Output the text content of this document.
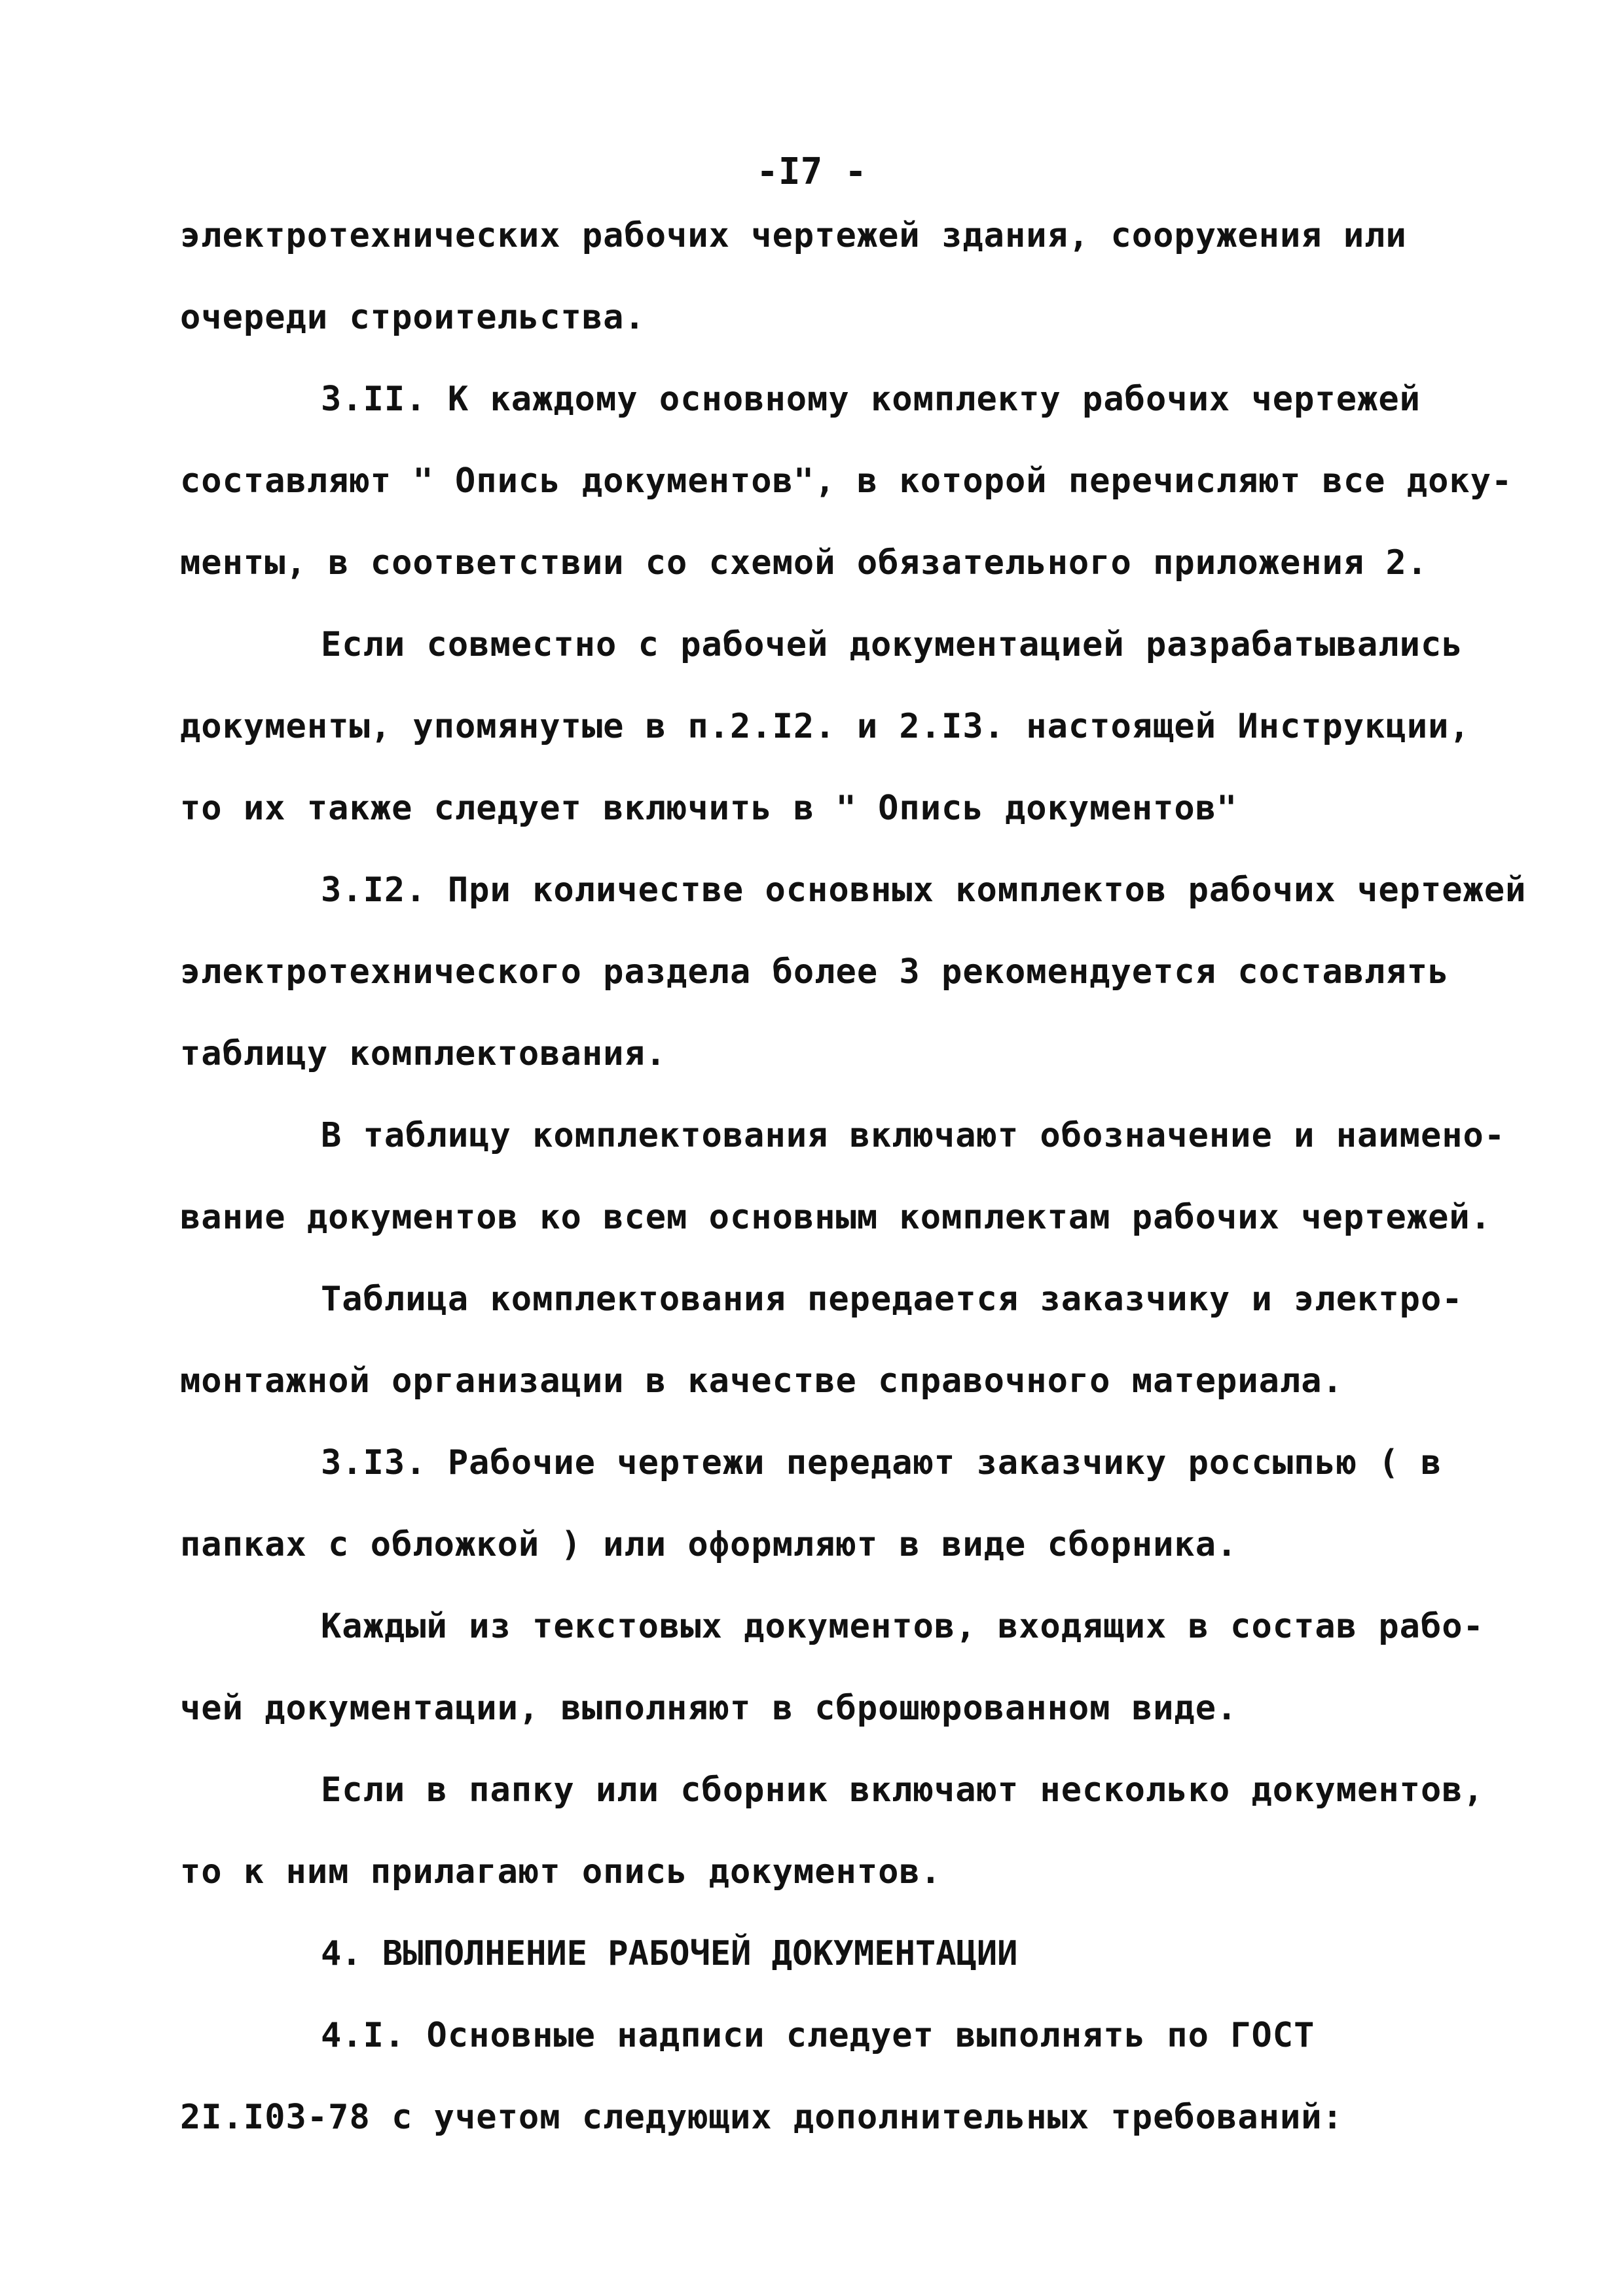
-I7 -
электротехнических рабочих чертежей здания, сооружения или
очереди строительства.
3.II. К каждому основному комплекту рабочих чертежей
составляют " Опись документов", в которой перечисляют все доку-
менты, в соответствии со схемой обязательного приложения 2.
Если совместно с рабочей документацией разрабатывались
документы, упомянутые в п.2.I2. и 2.I3. настоящей Инструкции,
то их также следует включить в " Опись документов"
3.I2. При количестве основных комплектов рабочих чертежей
электротехнического раздела более 3 рекомендуется составлять
таблицу комплектования.
В таблицу комплектования включают обозначение и наимено-
вание документов ко всем основным комплектам рабочих чертежей.
Таблица комплектования передается заказчику и электро-
монтажной организации в качестве справочного материала.
3.I3. Рабочие чертежи передают заказчику россыпью ( в
папках с обложкой ) или оформляют в виде сборника.
Каждый из текстовых документов, входящих в состав рабо-
чей документации, выполняют в сброшюрованном виде.
Если в папку или сборник включают несколько документов,
то к ним прилагают опись документов.
4. ВЫПОЛНЕНИЕ РАБОЧЕЙ ДОКУМЕНТАЦИИ
4.I. Основные надписи следует выполнять по ГОСТ
2I.I03-78 с учетом следующих дополнительных требований:
